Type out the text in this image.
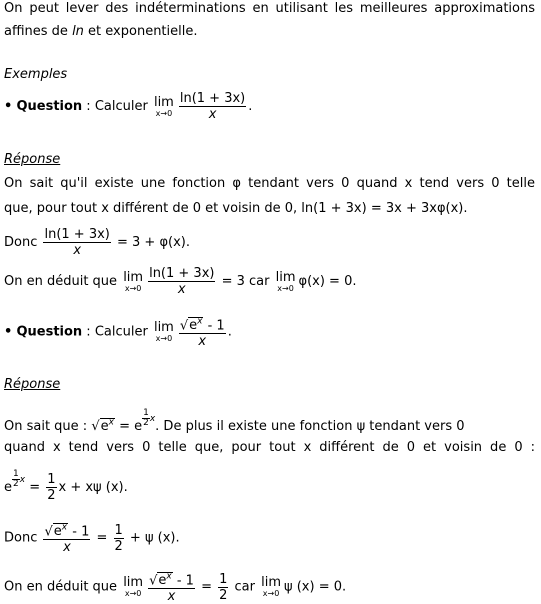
On peut lever des indéterminations en utilisant les meilleures approximations
affines de ln et exponentielle.
Exemples
• Question : Calculer lim
$x\to 0 \frac{\ln(1 + 3x)}{x}$ .
Réponse
On sait qu'il existe une fonction φ tendant vers 0 quand x tend vers 0 telle
que, pour tout x différent de 0 et voisin de 0, ln(1 + 3x) = 3x + 3xφ(x).
Donc $\frac{\ln(1 + 3x)}{x} = 3 + \varphi(x)$.
On en déduit que lim
$x\to 0 \frac{\ln(1 + 3x)}{x} = 3$ car lim
x→0 φ(x) = 0.
• Question : Calculer lim
$x\to 0 \frac{√e^x - 1}{x}$ .
Réponse
On sait que : $√e^x = e \frac{1}{2} x$. De plus il existe une fonction ψ tendant vers 0
quand x tend vers 0 telle que, pour tout x différent de 0 et voisin de 0 :
e $\frac{1}{2}$ $x = \frac{1}{2}$ x + xψ (x).
Donc $\frac{√e^x - 1}{x} = \frac{1}{2} + \psi$ (x).
On en déduit que lim
$x\to 0 \frac{√e^x - 1}{x} = \frac{1}{2}$ car lim
x→0 ψ (x) = 0.
